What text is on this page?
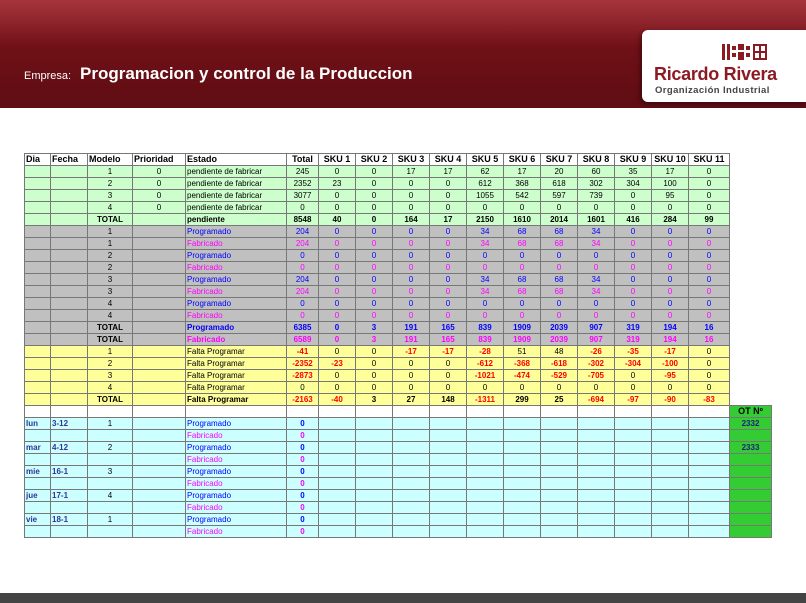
Empresa: Programacion y control de la Produccion	Ricardo Rivera
Organización Industrial
Dia	Fecha	Modelo	Prioridad	Estado	Total	SKU 1	SKU 2	SKU 3	SKU 4	SKU 5	SKU 6	SKU 7	SKU 8	SKU 9	SKU 10	SKU 11	
		1	0	pendiente de fabricar	245	0	0	17	17	62	17	20	60	35	17	0	
		2	0	pendiente de fabricar	2352	23	0	0	0	612	368	618	302	304	100	0	
		3	0	pendiente de fabricar	3077	0	0	0	0	1055	542	597	739	0	95	0	
		4	0	pendiente de fabricar	0	0	0	0	0	0	0	0	0	0	0	0	
		TOTAL		pendiente	8548	40	0	164	17	2150	1610	2014	1601	416	284	99	
		1		Programado	204	0	0	0	0	34	68	68	34	0	0	0	
		1		Fabricado	204	0	0	0	0	34	68	68	34	0	0	0	
		2		Programado	0	0	0	0	0	0	0	0	0	0	0	0	
		2		Fabricado	0	0	0	0	0	0	0	0	0	0	0	0	
		3		Programado	204	0	0	0	0	34	68	68	34	0	0	0	
		3		Fabricado	204	0	0	0	0	34	68	68	34	0	0	0	
		4		Programado	0	0	0	0	0	0	0	0	0	0	0	0	
		4		Fabricado	0	0	0	0	0	0	0	0	0	0	0	0	
		TOTAL		Programado	6385	0	3	191	165	839	1909	2039	907	319	194	16	
		TOTAL		Fabricado	6589	0	3	191	165	839	1909	2039	907	319	194	16	
		1		Falta Programar	-41	0	0	-17	-17	-28	51	48	-26	-35	-17	0	
		2		Falta Programar	-2352	-23	0	0	0	-612	-368	-618	-302	-304	-100	0	
		3		Falta Programar	-2873	0	0	0	0	-1021	-474	-529	-705	0	-95	0	
		4		Falta Programar	0	0	0	0	0	0	0	0	0	0	0	0	
		TOTAL		Falta Programar	-2163	-40	3	27	148	-1311	299	25	-694	-97	-90	-83	
																	OT Nº
lun	3-12	1		Programado	0												2332
				Fabricado	0												
mar	4-12	2		Programado	0												2333
				Fabricado	0												
mie	16-1	3		Programado	0												
				Fabricado	0												
jue	17-1	4		Programado	0												
				Fabricado	0												
vie	18-1	1		Programado	0												
				Fabricado	0												
